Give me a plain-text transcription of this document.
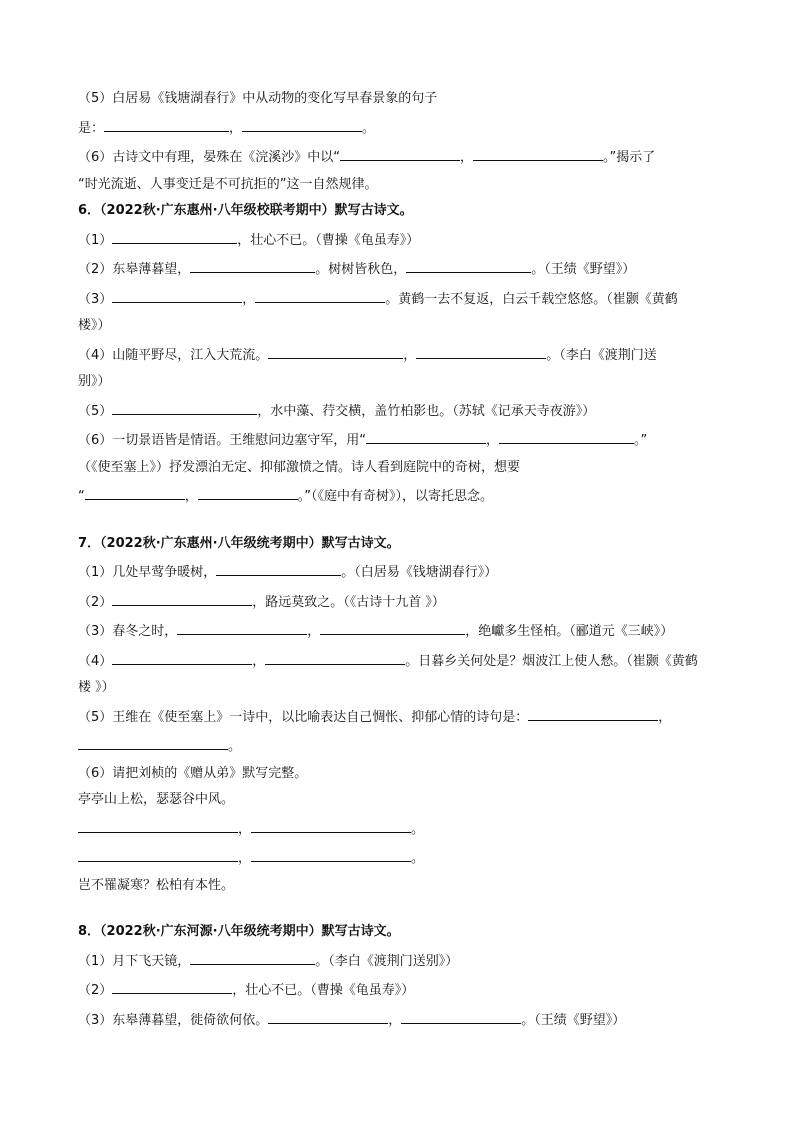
（5）白居易《钱塘湖春行》中从动物的变化写早春景象的句子
是：	，	。
（6）古诗文中有理，晏殊在《浣溪沙》中以“	，	。”揭示了
“时光流逝、人事变迁是不可抗拒的”这一自然规律。
6．（2022秋·广东惠州·八年级校联考期中）默写古诗文。
（1）	，壮心不已。（曹操《龟虽寿》）
（2）东皋薄暮望，	。树树皆秋色，	。（王绩《野望》）
（3）	，	。黄鹤一去不复返，白云千载空悠悠。（崔颢《黄鹤
楼》）
（4）山随平野尽，江入大荒流。	，	。（李白《渡荆门送
别》）
（5）	，水中藻、荇交横，盖竹柏影也。（苏轼《记承天寺夜游》）
（6）一切景语皆是情语。王维慰问边塞守军，用“	，	。”
（《使至塞上》）抒发漂泊无定、抑郁激愤之情。诗人看到庭院中的奇树，想要
“	，	。”（《庭中有奇树》），以寄托思念。
7．（2022秋·广东惠州·八年级统考期中）默写古诗文。
（1）几处早莺争暖树，	。（白居易《钱塘湖春行》）
（2）	，路远莫致之。（《古诗十九首 》）
（3）春冬之时，	，	，绝巘多生怪柏。（郦道元《三峡》）
（4）	，	。日暮乡关何处是？烟波江上使人愁。（崔颢《黄鹤
楼 》）
（5）王维在《使至塞上》一诗中，以比喻表达自己惆怅、抑郁心情的诗句是：	，
。
（6）请把刘桢的《赠从弟》默写完整。
亭亭山上松，瑟瑟谷中风。
，	。
，	。
岂不罹凝寒？松柏有本性。
8．（2022秋·广东河源·八年级统考期中）默写古诗文。
（1）月下飞天镜，	。（李白《渡荆门送别》）
（2）	，壮心不已。（曹操《龟虽寿》）
（3）东皋薄暮望，徙倚欲何依。	，	。（王绩《野望》）
